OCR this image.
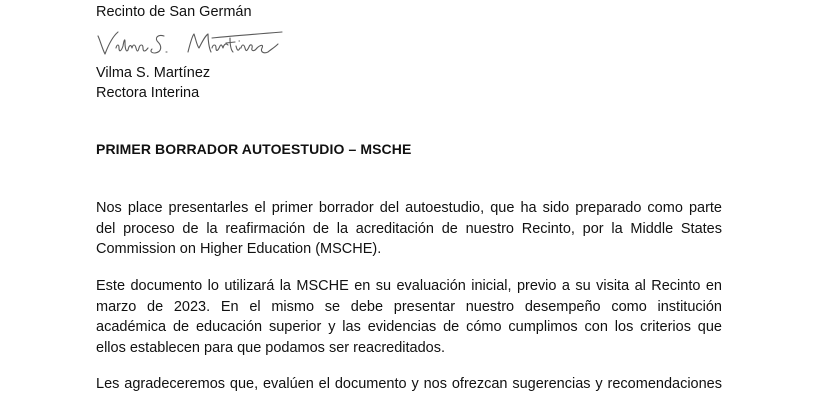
Recinto de San Germán
Vilma S. Martínez
Rectora Interina
PRIMER BORRADOR AUTOESTUDIO – MSCHE
Nos place presentarles el primer borrador del autoestudio, que ha sido preparado como parte
del proceso de la reafirmación de la acreditación de nuestro Recinto, por la Middle States
Commission on Higher Education (MSCHE).
Este documento lo utilizará la MSCHE en su evaluación inicial, previo a su visita al Recinto en
marzo de 2023. En el mismo se debe presentar nuestro desempeño como institución
académica de educación superior y las evidencias de cómo cumplimos con los criterios que
ellos establecen para que podamos ser reacreditados.
Les agradeceremos que, evalúen el documento y nos ofrezcan sugerencias y recomendaciones
